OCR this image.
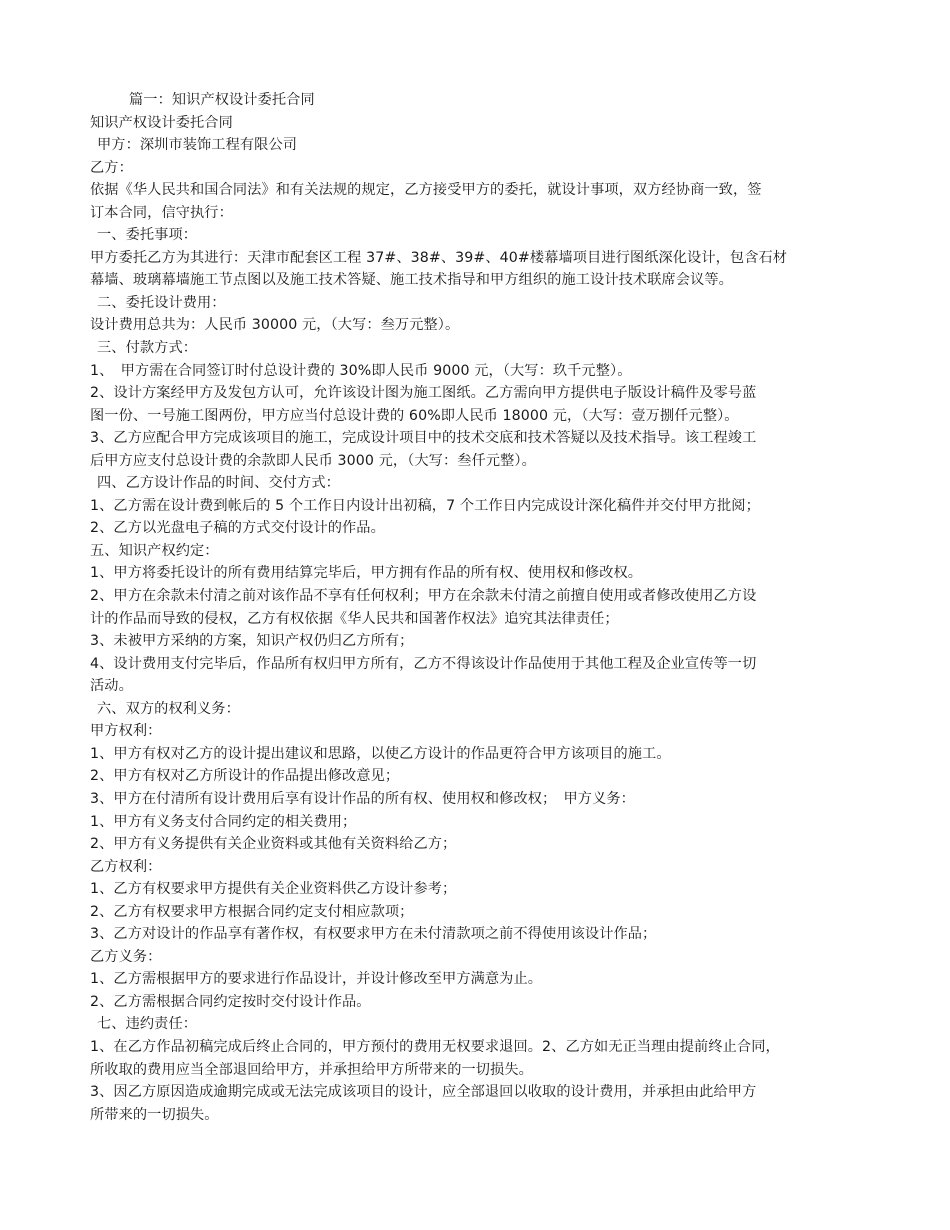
篇一：知识产权设计委托合同
知识产权设计委托合同
甲方：深圳市装饰工程有限公司
乙方：
依据《华人民共和国合同法》和有关法规的规定，乙方接受甲方的委托，就设计事项，双方经协商一致，签
订本合同，信守执行：
一、委托事项：
甲方委托乙方为其进行：天津市配套区工程 37#、38#、39#、40#楼幕墙项目进行图纸深化设计，包含石材
幕墙、玻璃幕墙施工节点图以及施工技术答疑、施工技术指导和甲方组织的施工设计技术联席会议等。
二、委托设计费用：
设计费用总共为：人民币 30000 元，（大写：叁万元整）。
三、付款方式：
1、　甲方需在合同签订时付总设计费的 30%即人民币 9000 元，（大写：玖千元整）。
2、设计方案经甲方及发包方认可，允许该设计图为施工图纸。乙方需向甲方提供电子版设计稿件及零号蓝
图一份、一号施工图两份，甲方应当付总设计费的 60%即人民币 18000 元，（大写：壹万捌仟元整）。
3、乙方应配合甲方完成该项目的施工，完成设计项目中的技术交底和技术答疑以及技术指导。该工程竣工
后甲方应支付总设计费的余款即人民币 3000 元，（大写：叁仟元整）。
四、乙方设计作品的时间、交付方式：
1、乙方需在设计费到帐后的 5 个工作日内设计出初稿，7 个工作日内完成设计深化稿件并交付甲方批阅；
2、乙方以光盘电子稿的方式交付设计的作品。
五、知识产权约定：
1、甲方将委托设计的所有费用结算完毕后，甲方拥有作品的所有权、使用权和修改权。
2、甲方在余款未付清之前对该作品不享有任何权利；甲方在余款未付清之前擅自使用或者修改使用乙方设
计的作品而导致的侵权，乙方有权依据《华人民共和国著作权法》追究其法律责任；
3、未被甲方采纳的方案，知识产权仍归乙方所有；
4、设计费用支付完毕后，作品所有权归甲方所有，乙方不得该设计作品使用于其他工程及企业宣传等一切
活动。
六、双方的权利义务：
甲方权利：
1、甲方有权对乙方的设计提出建议和思路，以使乙方设计的作品更符合甲方该项目的施工。
2、甲方有权对乙方所设计的作品提出修改意见；
3、甲方在付清所有设计费用后享有设计作品的所有权、使用权和修改权；　甲方义务：
1、甲方有义务支付合同约定的相关费用；
2、甲方有义务提供有关企业资料或其他有关资料给乙方；
乙方权利：
1、乙方有权要求甲方提供有关企业资料供乙方设计参考；
2、乙方有权要求甲方根据合同约定支付相应款项；
3、乙方对设计的作品享有著作权，有权要求甲方在未付清款项之前不得使用该设计作品；
乙方义务：
1、乙方需根据甲方的要求进行作品设计，并设计修改至甲方满意为止。
2、乙方需根据合同约定按时交付设计作品。
七、违约责任：
1、在乙方作品初稿完成后终止合同的，甲方预付的费用无权要求退回。2、乙方如无正当理由提前终止合同，
所收取的费用应当全部退回给甲方，并承担给甲方所带来的一切损失。
3、因乙方原因造成逾期完成或无法完成该项目的设计，应全部退回以收取的设计费用，并承担由此给甲方
所带来的一切损失。
